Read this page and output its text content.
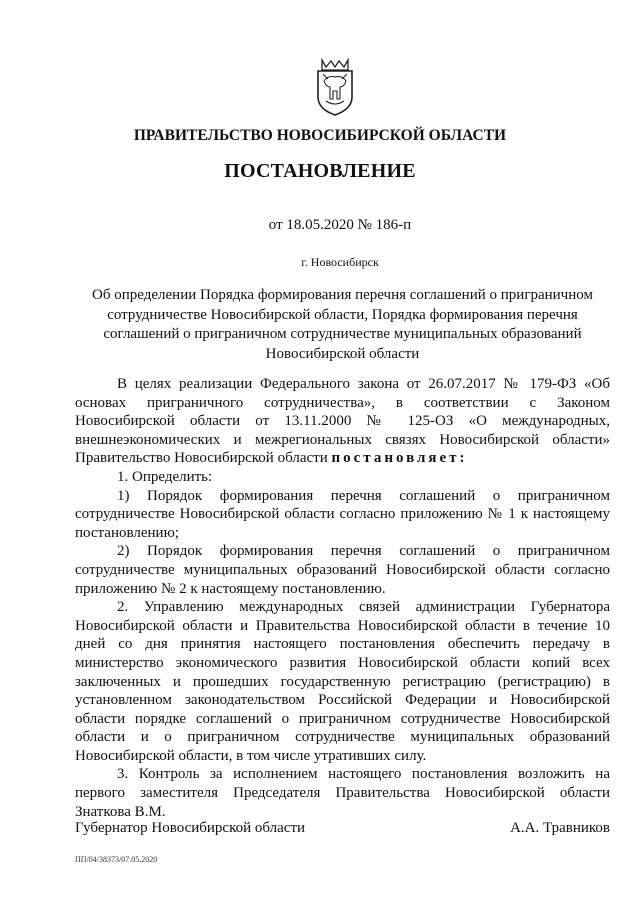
ПРАВИТЕЛЬСТВО НОВОСИБИРСКОЙ ОБЛАСТИ
ПОСТАНОВЛЕНИЕ
от 18.05.2020 № 186-п
г. Новосибирск
Об определении Порядка формирования перечня соглашений о приграничном
сотрудничестве Новосибирской области, Порядка формирования перечня
соглашений о приграничном сотрудничестве муниципальных образований
Новосибирской области

В целях реализации Федерального закона от 26.07.2017 № 179-ФЗ «Об основах приграничного сотрудничества», в соответствии с Законом Новосибирской области от 13.11.2000 № 125-ОЗ «О международных, внешнеэкономических и межрегиональных связях Новосибирской области» Правительство Новосибирской области постановляет:

1. Определить:

1) Порядок формирования перечня соглашений о приграничном сотрудничестве Новосибирской области согласно приложению № 1 к настоящему постановлению;

2) Порядок формирования перечня соглашений о приграничном сотрудничестве муниципальных образований Новосибирской области согласно приложению № 2 к настоящему постановлению.

2. Управлению международных связей администрации Губернатора Новосибирской области и Правительства Новосибирской области в течение 10 дней со дня принятия настоящего постановления обеспечить передачу в министерство экономического развития Новосибирской области копий всех заключенных и прошедших государственную регистрацию (регистрацию) в установленном законодательством Российской Федерации и Новосибирской области порядке соглашений о приграничном сотрудничестве Новосибирской области и о приграничном сотрудничестве муниципальных образований Новосибирской области, в том числе утративших силу.

3. Контроль за исполнением настоящего постановления возложить на первого заместителя Председателя Правительства Новосибирской области Знаткова В.М.

Губернатор Новосибирской области	А.А. Травников
ПП/04/38373/07.05.2020
